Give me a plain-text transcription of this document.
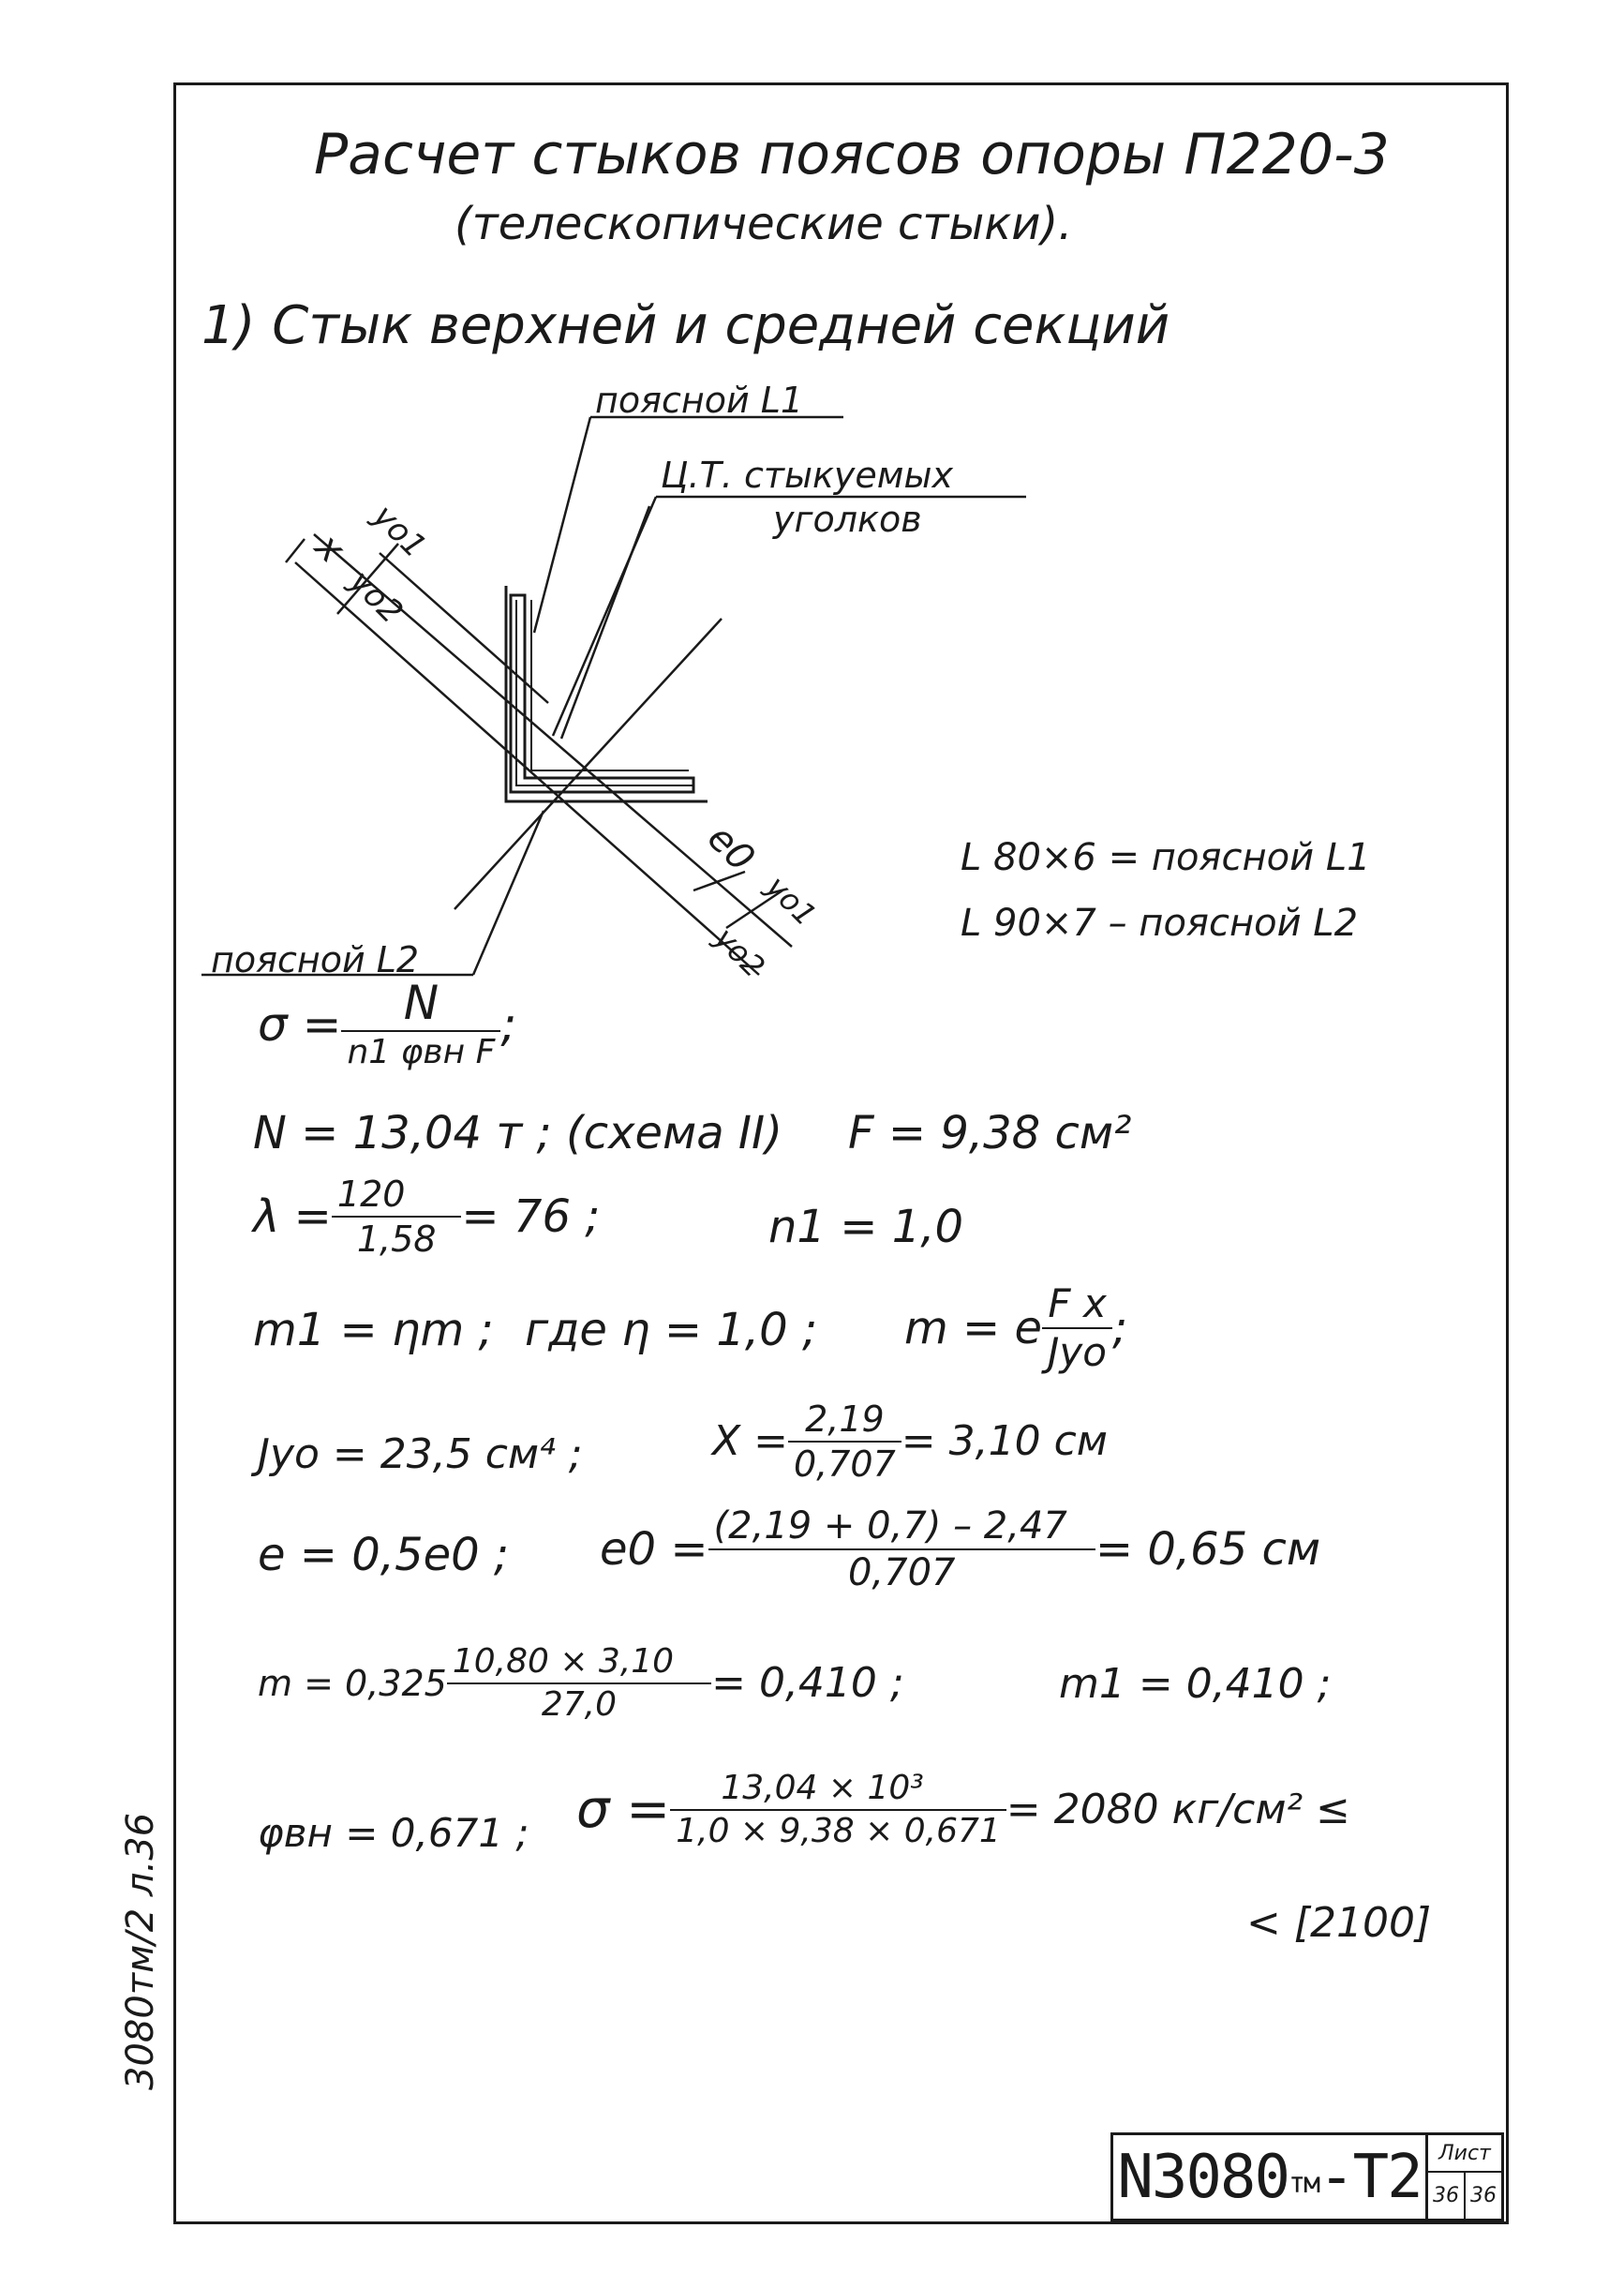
Расчет стыков поясов опоры П220-3
(телескопические стыки).
1) Стык верхней и средней секций
поясной L1
Ц.Т. стыкуемых
уголков
x yo1
yo2
e0
yo1
yo2
поясной L2
L 80×6 = поясной L1
L 90×7 – поясной L2
$\sigma = \frac{N}{\text{n1 φвн F}}$ ;
N = 13,04 т ; (схема II) F = 9,38 см²
$\lambda = \frac{120}{1,58} = 76$ ;	n1 = 1,0
m1 = ηm ; где η = 1,0 ; m = e $\frac{\text{F x}}{\text{Jyo}}$ ;
Jyo = 23,5 см⁴ ;	$X = \frac{2,19}{0,707} = 3,10$ см
e = 0,5e0 ; $e0 = \frac{(2,19 + 0,7) - 2,47}{0,707} = 0,65$ см
$m = 0,325 \frac{10,80 \times 3,10}{27,0} = 0,410$ ;	m1 = 0,410 ;
φвн = 0,671 ; $\sigma = \frac{\text{13,04 × 10³}}{1,0 \times 9,38 \times 0,671} = 2080$ кг/см² ≤
< [2100]
3080тм/2 л.36
N3080 тм -Т2 Лист
36 36
